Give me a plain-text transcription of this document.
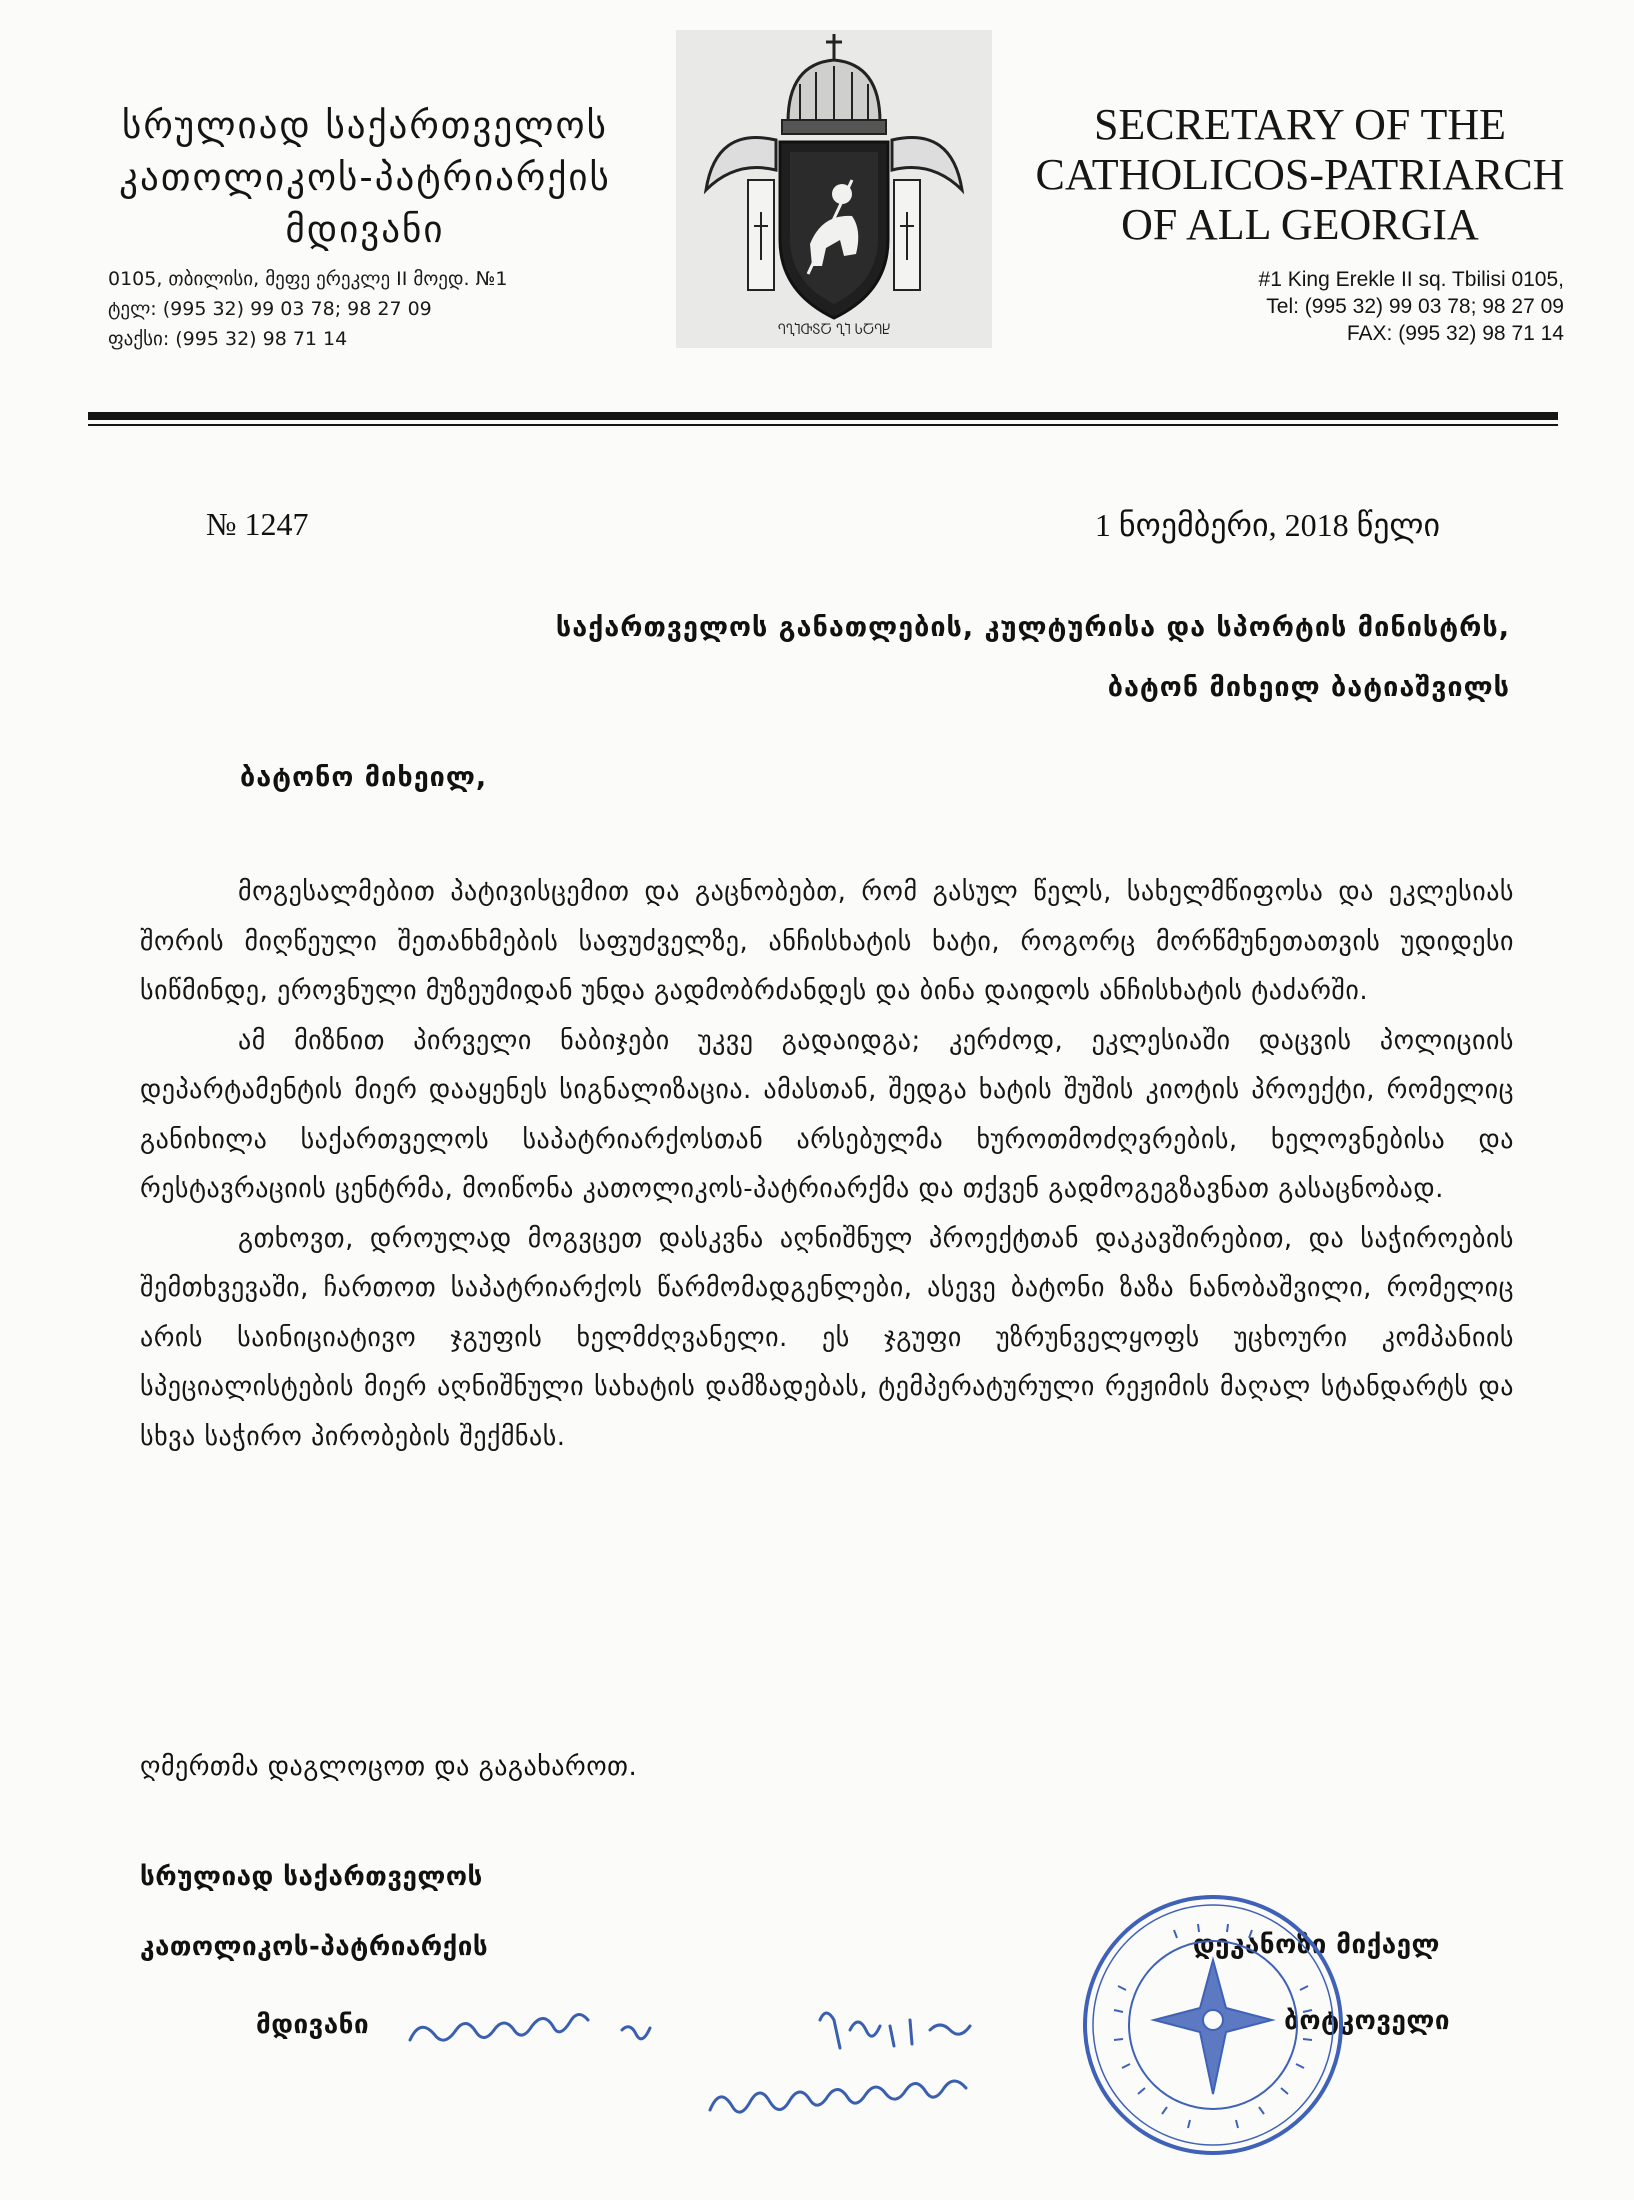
სრულიად საქართველოს
კათოლიკოს-პატრიარქის
მდივანი
0105, თბილისი, მეფე ერეკლე II მოედ. №1
ტელ: (995 32) 99 03 78; 98 27 09
ფაქსი: (995 32) 98 71 14	ႤႢႨႧႽႠ ႢႨ ႱႠႤႾ
SECRETARY OF THE
CATHOLICOS-PATRIARCH
OF ALL GEORGIA
#1 King Erekle II sq. Tbilisi 0105,
Tel: (995 32) 99 03 78; 98 27 09
FAX: (995 32) 98 71 14
№ 1247	1 ნოემბერი, 2018 წელი
საქართველოს განათლების, კულტურისა და სპორტის მინისტრს,
ბატონ მიხეილ ბატიაშვილს
ბატონო მიხეილ,

მოგესალმებით პატივისცემით და გაცნობებთ, რომ გასულ წელს, სახელმწიფოსა და ეკლესიას შორის მიღწეული შეთანხმების საფუძველზე, ანჩისხატის ხატი, როგორც მორწმუნეთათვის უდიდესი სიწმინდე, ეროვნული მუზეუმიდან უნდა გადმობრძანდეს და ბინა დაიდოს ანჩისხატის ტაძარში.

ამ მიზნით პირველი ნაბიჯები უკვე გადაიდგა; კერძოდ, ეკლესიაში დაცვის პოლიციის დეპარტამენტის მიერ დააყენეს სიგნალიზაცია. ამასთან, შედგა ხატის შუშის კიოტის პროექტი, რომელიც განიხილა საქართველოს საპატრიარქოსთან არსებულმა ხუროთმოძღვრების, ხელოვნებისა და რესტავრაციის ცენტრმა, მოიწონა კათოლიკოს-პატრიარქმა და თქვენ გადმოგეგზავნათ გასაცნობად.

გთხოვთ, დროულად მოგვცეთ დასკვნა აღნიშნულ პროექტთან დაკავშირებით, და საჭიროების შემთხვევაში, ჩართოთ საპატრიარქოს წარმომადგენლები, ასევე ბატონი ზაზა ნანობაშვილი, რომელიც არის საინიციატივო ჯგუფის ხელმძღვანელი. ეს ჯგუფი უზრუნველყოფს უცხოური კომპანიის სპეციალისტების მიერ აღნიშნული სახატის დამზადებას, ტემპერატურული რეჟიმის მაღალ სტანდარტს და სხვა საჭირო პირობების შექმნას.

ღმერთმა დაგლოცოთ და გაგახაროთ.
სრულიად საქართველოს
კათოლიკოს-პატრიარქის
მდივანი
დეკანოზი მიქაელ
ბოტკოველი
